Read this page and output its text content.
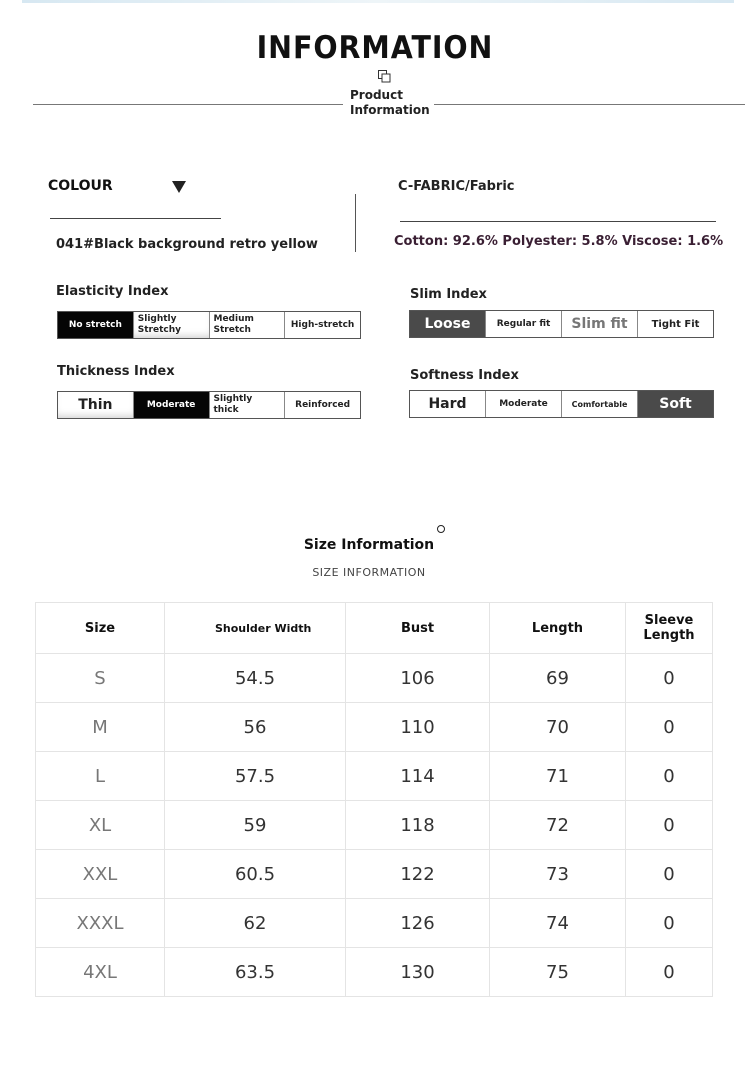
INFORMATION
Product
Information
COLOUR
041#Black background retro yellow
C-FABRIC/Fabric
Cotton: 92.6% Polyester: 5.8% Viscose: 1.6%
Elasticity Index
No stretch
Slightly Stretchy
Medium Stretch
High-stretch
Slim Index
Loose	Regular fit	Slim fit	Tight Fit
Thickness Index
Thin	Moderate
Slightly thick
Reinforced
Softness Index
Hard	Moderate	Comfortable	Soft
Size Information
SIZE INFORMATION
Size	Shoulder Width	Bust	Length	Sleeve Length
S	54.5	106	69	0
M	56	110	70	0
L	57.5	114	71	0
XL	59	118	72	0
XXL	60.5	122	73	0
XXXL	62	126	74	0
4XL	63.5	130	75	0
